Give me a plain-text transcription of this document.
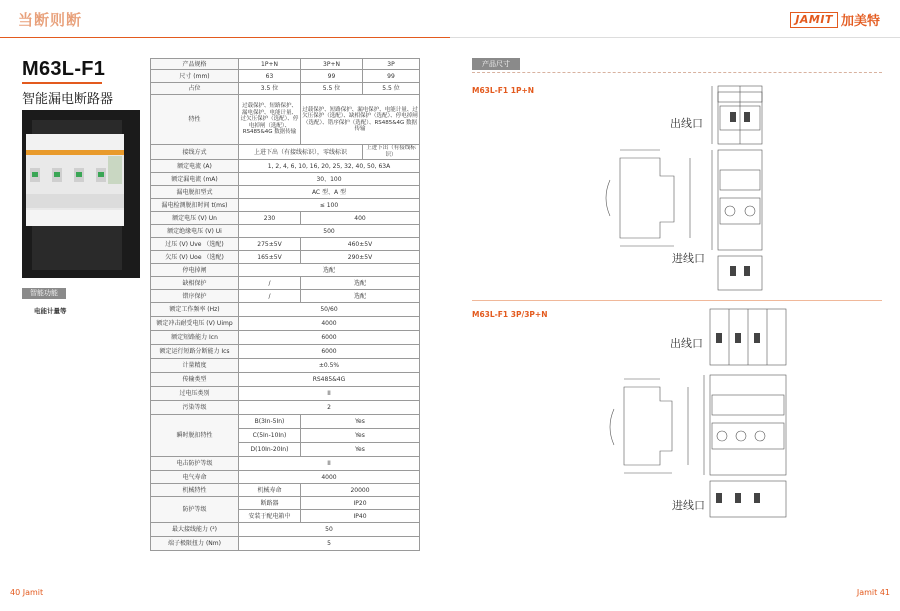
当断则断	JAMIT 加美特
M63L-F1
智能漏电断路器
智能功能
电能计量等
产品规格	1P+N	3P+N	3P
尺寸 (mm)	63	99	99
占位	3.5 位	5.5 位	5.5 位
特性	过载保护、短路保护、漏电保护、电能计量、过欠压保护（选配）、停电掉闸（选配）、RS485&4G 数据传输	过载保护、短路保护、漏电保护、电能计量、过欠压保护（选配）、缺相保护（选配）、停电掉闸（选配）、错序保护（选配）、RS485&4G 数据传输	
接线方式	上进下出（有接线标识），零线标识		上进下出（有接线标识）
额定电流 (A)	1, 2, 4, 6, 10, 16, 20, 25, 32, 40, 50, 63A		
额定漏电流 (mA)	30、100		
漏电脱扣型式	AC 型、A 型		
漏电检测脱扣时间 t(ms)	≤ 100		
额定电压 (V) Un	230	400	
额定绝缘电压 (V) Ui	500		
过压 (V) Uve （选配)	275±5V	460±5V	
欠压 (V) Uoe （选配)	165±5V	290±5V	
停电掉闸	选配		
缺相保护	/	选配	
错序保护	/	选配	
额定工作频率 (Hz)	50/60		
额定冲击耐受电压 (V) Uimp	4000		
额定短路能力 Icn	6000		
额定运行短路分断能力 Ics	6000		
计量精度	±0.5%		
传输类型	RS485&4G		
过电压类别	II		
污染等级	2		
瞬时脱扣特性	B(3In-5In)	Yes	
	C(5In-10In)	Yes	
	D(10In-20In)	Yes	
电击防护等级	II		
电气寿命	4000		
机械特性	机械寿命	20000	
防护等级	断路器	IP20	
	安装于配电箱中	IP40	
最大接线能力 (²)	50		
端子极限扭力 (Nm)	5		
产品尺寸
M63L-F1 1P+N
出线口
进线口
M63L-F1 3P/3P+N
出线口
进线口
40 Jamit	Jamit 41
